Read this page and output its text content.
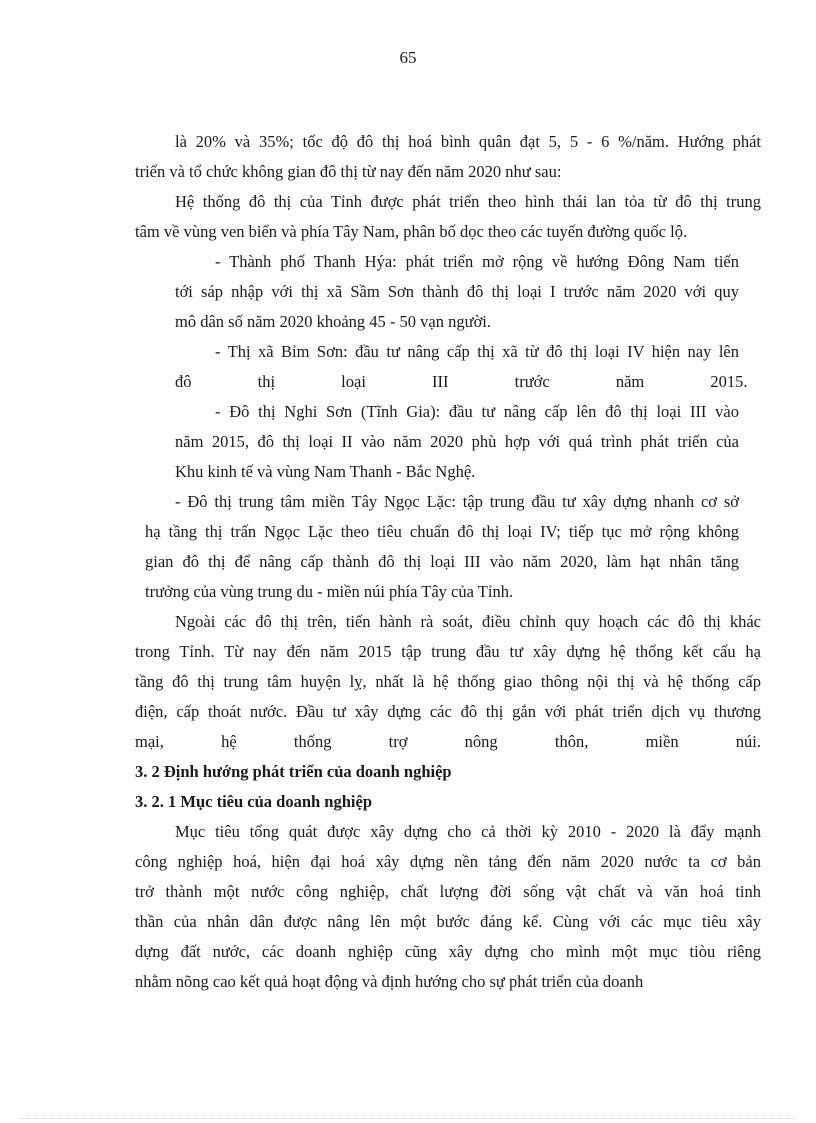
65
là 20% và 35%; tốc độ đô thị hoá bình quân đạt 5, 5 - 6 %/năm. Hướng phát
triển và tổ chức không gian đô thị từ nay đến năm 2020 như sau:
Hệ thống đô thị của Tỉnh được phát triển theo hình thái lan tỏa từ đô thị trung
tâm về vùng ven biển và phía Tây Nam, phân bố dọc theo các tuyến đường quốc lộ.
- Thành phố Thanh Hýa: phát triển mở rộng về hướng Đông Nam tiến
tới sáp nhập với thị xã Sầm Sơn thành đô thị loại I trước năm 2020 với quy
mô dân số năm 2020 khoảng 45 - 50 vạn người.
- Thị xã Bỉm Sơn: đầu tư nâng cấp thị xã từ đô thị loại IV hiện nay lên
đô thị loại III trước năm 2015.
- Đô thị Nghi Sơn (Tĩnh Gia): đầu tư nâng cấp lên đô thị loại III vào
năm 2015, đô thị loại II vào năm 2020 phù hợp với quá trình phát triển của
Khu kinh tế và vùng Nam Thanh - Bắc Nghệ.
- Đô thị trung tâm miền Tây Ngọc Lặc: tập trung đầu tư xây dựng nhanh cơ sở
hạ tầng thị trấn Ngọc Lặc theo tiêu chuẩn đô thị loại IV; tiếp tục mở rộng không
gian đô thị để nâng cấp thành đô thị loại III vào năm 2020, làm hạt nhân tăng
trưởng của vùng trung du - miền núi phía Tây của Tỉnh.
Ngoài các đô thị trên, tiến hành rà soát, điều chỉnh quy hoạch các đô thị khác
trong Tỉnh. Từ nay đến năm 2015 tập trung đầu tư xây dựng hệ thống kết cấu hạ
tầng đô thị trung tâm huyện lỵ, nhất là hệ thống giao thông nội thị và hệ thống cấp
điện, cấp thoát nước. Đầu tư xây dựng các đô thị gắn với phát triển dịch vụ thương
mại, hệ thống trợ nông thôn, miền núi.
3. 2 Định hướng phát triển của doanh nghiệp
3. 2. 1 Mục tiêu của doanh nghiệp
Mục tiêu tổng quát được xây dựng cho cả thời kỳ 2010 - 2020 là đẩy mạnh
công nghiệp hoá, hiện đại hoá xây dựng nền tảng đến năm 2020 nước ta cơ bản
trở thành một nước công nghiệp, chất lượng đời sống vật chất và văn hoá tinh
thần của nhân dân được nâng lên một bước đáng kể. Cùng với các mục tiêu xây
dựng đất nước, các doanh nghiệp cũng xây dựng cho mình một mục tiòu riêng
nhằm nõng cao kết quả hoạt động và định hướng cho sự phát triển của doanh
